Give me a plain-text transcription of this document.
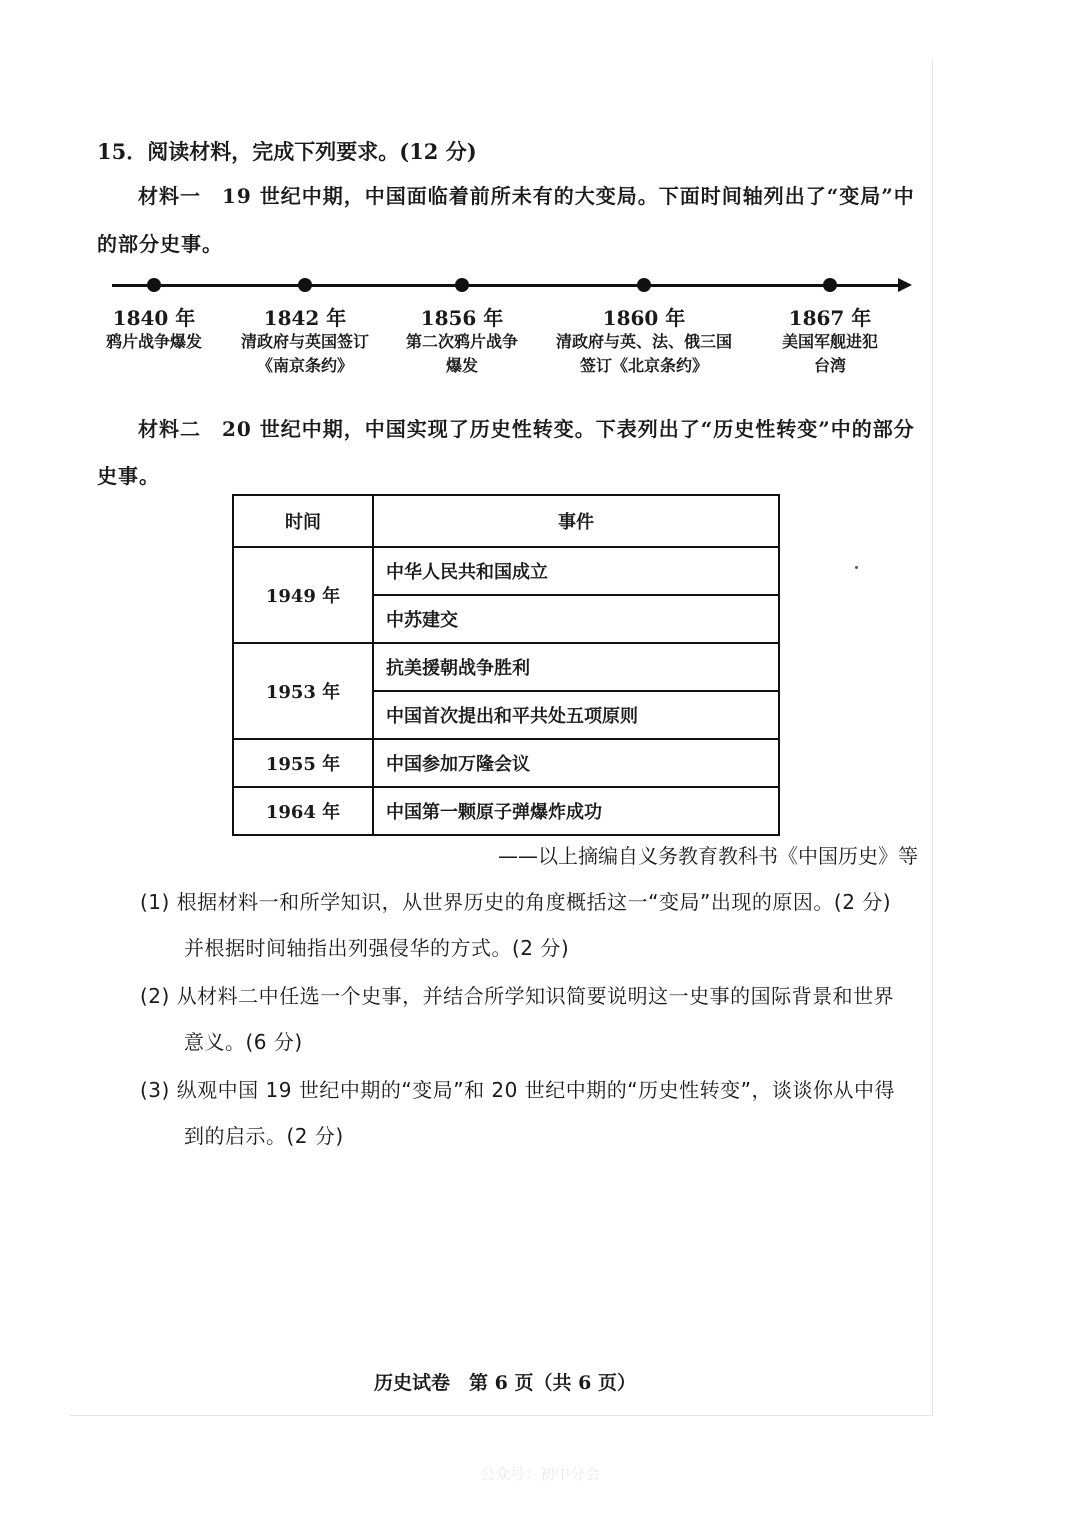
15．阅读材料，完成下列要求。(12 分)
材料一　19 世纪中期，中国面临着前所未有的大变局。下面时间轴列出了“变局”中
的部分史事。
1840 年
鸦片战争爆发
1842 年
清政府与英国签订
《南京条约》
1856 年
第二次鸦片战争
爆发
1860 年
清政府与英、法、俄三国
签订《北京条约》
1867 年
美国军舰进犯
台湾
材料二　20 世纪中期，中国实现了历史性转变。下表列出了“历史性转变”中的部分
史事。
时间	事件
1949 年	中华人民共和国成立
	中苏建交
1953 年	抗美援朝战争胜利
	中国首次提出和平共处五项原则
1955 年	中国参加万隆会议
1964 年	中国第一颗原子弹爆炸成功
——以上摘编自义务教育教科书《中国历史》等
(1) 根据材料一和所学知识，从世界历史的角度概括这一“变局”出现的原因。(2 分)
并根据时间轴指出列强侵华的方式。(2 分)
(2) 从材料二中任选一个史事，并结合所学知识简要说明这一史事的国际背景和世界
意义。(6 分)
(3) 纵观中国 19 世纪中期的“变局”和 20 世纪中期的“历史性转变”，谈谈你从中得
到的启示。(2 分)
历史试卷　第 6 页（共 6 页）
公众号：初中分会
